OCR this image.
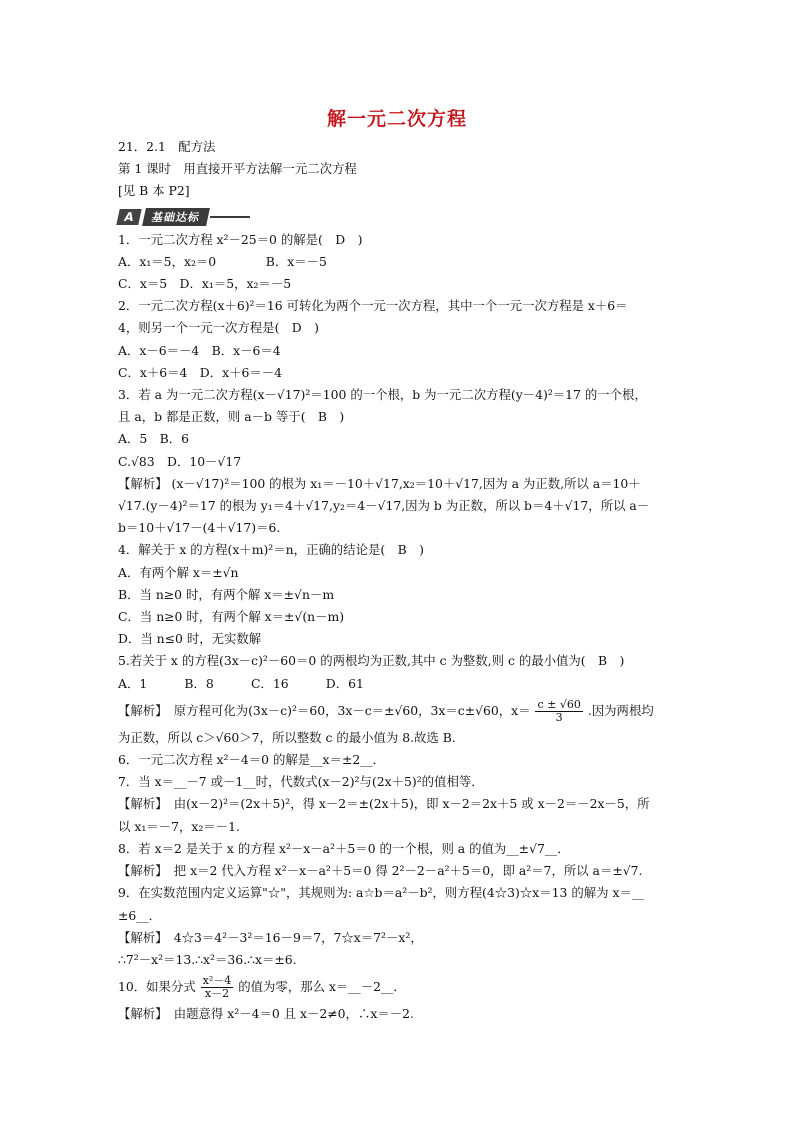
解一元二次方程
21．2.1　配方法
第 1 课时　用直接开平方法解一元二次方程
[见 B 本 P2]
A	基础达标
1．一元二次方程 x²－25＝0 的解是(　D　)
A．x₁＝5，x₂＝0　　　　B．x＝－5
C．x＝5　D．x₁＝5，x₂＝－5
2．一元二次方程(x＋6)²＝16 可转化为两个一元一次方程，其中一个一元一次方程是 x＋6＝
4，则另一个一元一次方程是(　D　)
A．x－6＝－4　B．x－6＝4
C．x＋6＝4　D．x＋6＝－4
3．若 a 为一元二次方程(x－√17)²＝100 的一个根，b 为一元二次方程(y－4)²＝17 的一个根，
且 a，b 都是正数，则 a－b 等于(　B　)
A．5　B．6
C.√83　D．10－√17
【解析】 (x－√17)²＝100 的根为 x₁＝－10＋√17,x₂＝10＋√17,因为 a 为正数,所以 a＝10＋
√17.(y－4)²＝17 的根为 y₁＝4＋√17,y₂＝4－√17,因为 b 为正数，所以 b＝4＋√17，所以 a－
b＝10＋√17－(4＋√17)＝6.
4．解关于 x 的方程(x＋m)²＝n，正确的结论是(　B　)
A．有两个解 x＝±√n
B．当 n≥0 时，有两个解 x＝±√n－m
C．当 n≥0 时，有两个解 x＝±√(n－m)
D．当 n≤0 时，无实数解
5.若关于 x 的方程(3x－c)²－60＝0 的两根均为正数,其中 c 为整数,则 c 的最小值为(　B　)
A．1　　　B．8　　　C．16　　　D．61
【解析】　原方程可化为(3x－c)²＝60，3x－c＝±√60，3x＝c±√60，$x= \frac{c \pm √60}{3}$ .因为两根均
为正数，所以 c＞√60＞7，所以整数 c 的最小值为 8.故选 B.
6．一元二次方程 x²－4＝0 的解是__x＝±2__．
7．当 x＝__－7 或－1__时，代数式(x－2)²与(2x＋5)²的值相等．
【解析】　由(x－2)²＝(2x＋5)²，得 x－2＝±(2x＋5)，即 x－2＝2x＋5 或 x－2＝－2x－5，所
以 x₁＝－7，x₂＝－1.
8．若 x＝2 是关于 x 的方程 x²－x－a²＋5＝0 的一个根，则 a 的值为__±√7__．
【解析】　把 x＝2 代入方程 x²－x－a²＋5＝0 得 2²－2－a²＋5＝0，即 a²＝7，所以 a＝±√7.
9．在实数范围内定义运算"☆"，其规则为: a☆b＝a²－b²，则方程(4☆3)☆x＝13 的解为 x＝__
±6__．
【解析】　4☆3＝4²－3²＝16－9＝7，7☆x＝7²－x²，
∴7²－x²＝13.∴x²＝36.∴x＝±6.
10．如果分式 $\frac{\text{x²－4}}{x-2}$ 的值为零，那么 x＝__－2__．
【解析】　由题意得 x²－4＝0 且 x－2≠0，∴x＝－2.
